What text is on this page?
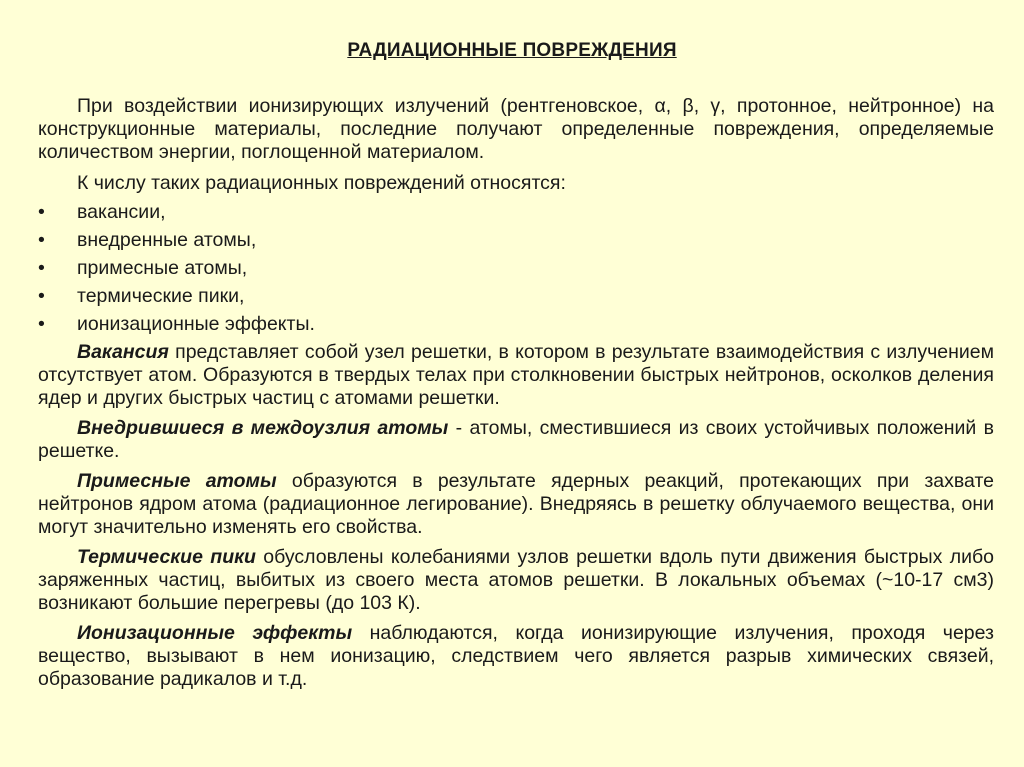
РАДИАЦИОННЫЕ ПОВРЕЖДЕНИЯ

При воздействии ионизирующих излучений (рентгеновское, α, β, γ, протонное, нейтронное) на конструкционные материалы, последние получают определенные повреждения, определяемые количеством энергии, поглощенной материалом.

К числу таких радиационных повреждений относятся:

• вакансии,
• внедренные атомы,
• примесные атомы,
• термические пики,
• ионизационные эффекты.

Вакансия представляет собой узел решетки, в котором в результате взаимодействия с излучением отсутствует атом. Образуются в твердых телах при столкновении быстрых нейтронов, осколков деления ядер и других быстрых частиц с атомами решетки.

Внедрившиеся в междоузлия атомы - атомы, сместившиеся из своих устойчивых положений в решетке.

Примесные атомы образуются в результате ядерных реакций, протекающих при захвате нейтронов ядром атома (радиационное легирование). Внедряясь в решетку облучаемого вещества, они могут значительно изменять его свойства.

Термические пики обусловлены колебаниями узлов решетки вдоль пути движения быстрых либо заряженных частиц, выбитых из своего места атомов решетки. В локальных объемах (~10-17 см3) возникают большие перегревы (до 103 К).

Ионизационные эффекты наблюдаются, когда ионизирующие излучения, проходя через вещество, вызывают в нем ионизацию, следствием чего является разрыв химических связей, образование радикалов и т.д.
